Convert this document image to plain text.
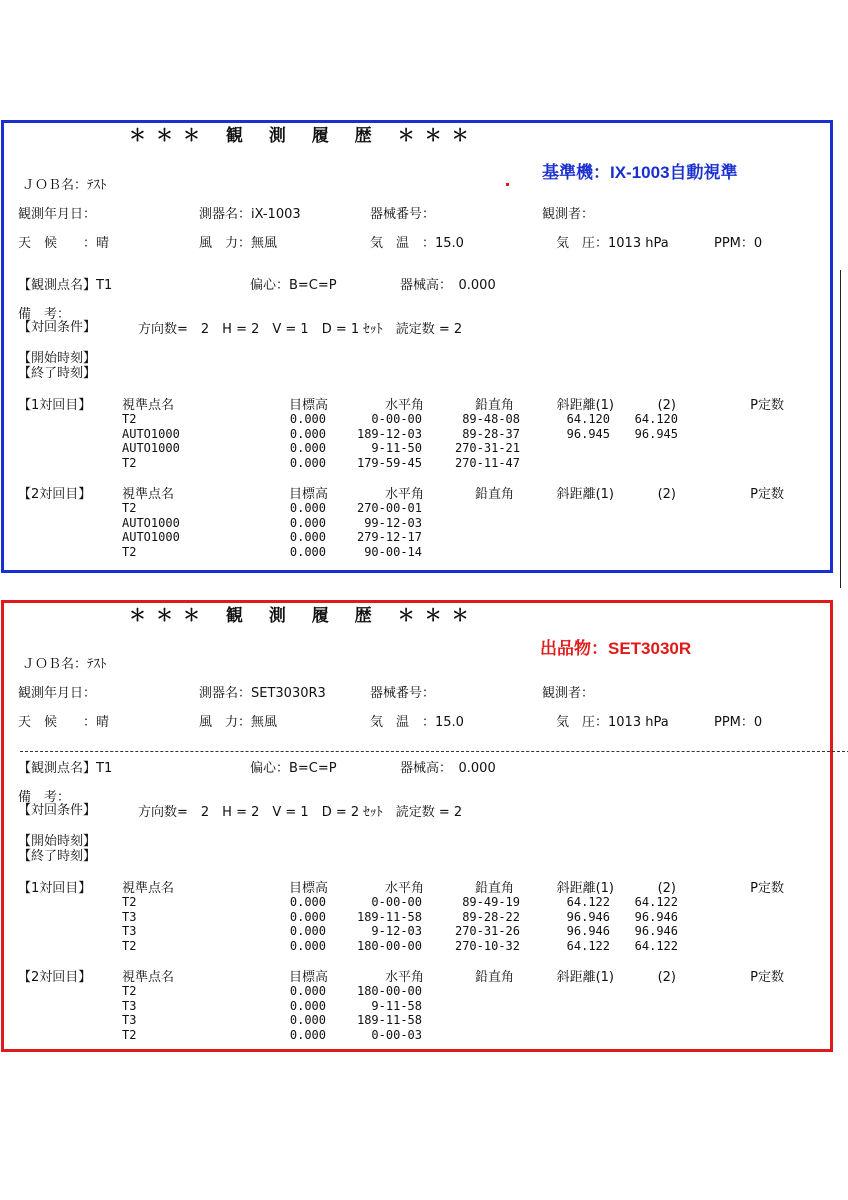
＊＊＊ 観 測 履 歴 ＊＊＊
基準機：IX-1003自動視準
ＪＯＢ名：ﾃｽﾄ
観測年月日：	測器名：iX-1003	器械番号：	観測者：
天　候　　：晴	風　力：無風	気　温　：15.0	気　圧：1013 hPa	PPM：0
【観測点名】T1	偏心：B=C=P	器械高：　0.000
備　考：
【対回条件】	方向数=　2　H = 2　V = 1　D = 1 ｾｯﾄ　読定数 = 2
【開始時刻】
【終了時刻】
【1対回目】 視準点名	目標高	水平角	鉛直角	斜距離(1)	(2)	P定数
T2	0.000	0-00-00	89-48-08	64.120	64.120
AUTO1000	0.000	189-12-03	89-28-37	96.945	96.945
AUTO1000	0.000	9-11-50	270-31-21
T2	0.000	179-59-45	270-11-47
【2対回目】 視準点名	目標高	水平角	鉛直角	斜距離(1)	(2)	P定数
T2	0.000	270-00-01
AUTO1000	0.000	99-12-03
AUTO1000	0.000	279-12-17
T2	0.000	90-00-14
＊＊＊ 観 測 履 歴 ＊＊＊
出品物：SET3030R
ＪＯＢ名：ﾃｽﾄ
観測年月日：	測器名：SET3030R3	器械番号：	観測者：
天　候　　：晴	風　力：無風	気　温　：15.0	気　圧：1013 hPa	PPM：0
【観測点名】T1	偏心：B=C=P	器械高：　0.000
備　考：
【対回条件】	方向数=　2　H = 2　V = 1　D = 2 ｾｯﾄ　読定数 = 2
【開始時刻】
【終了時刻】
【1対回目】 視準点名	目標高	水平角	鉛直角	斜距離(1)	(2)	P定数
T2	0.000	0-00-00	89-49-19	64.122	64.122
T3	0.000	189-11-58	89-28-22	96.946	96.946
T3	0.000	9-12-03	270-31-26	96.946	96.946
T2	0.000	180-00-00	270-10-32	64.122	64.122
【2対回目】 視準点名	目標高	水平角	鉛直角	斜距離(1)	(2)	P定数
T2	0.000	180-00-00
T3	0.000	9-11-58
T3	0.000	189-11-58
T2	0.000	0-00-03
